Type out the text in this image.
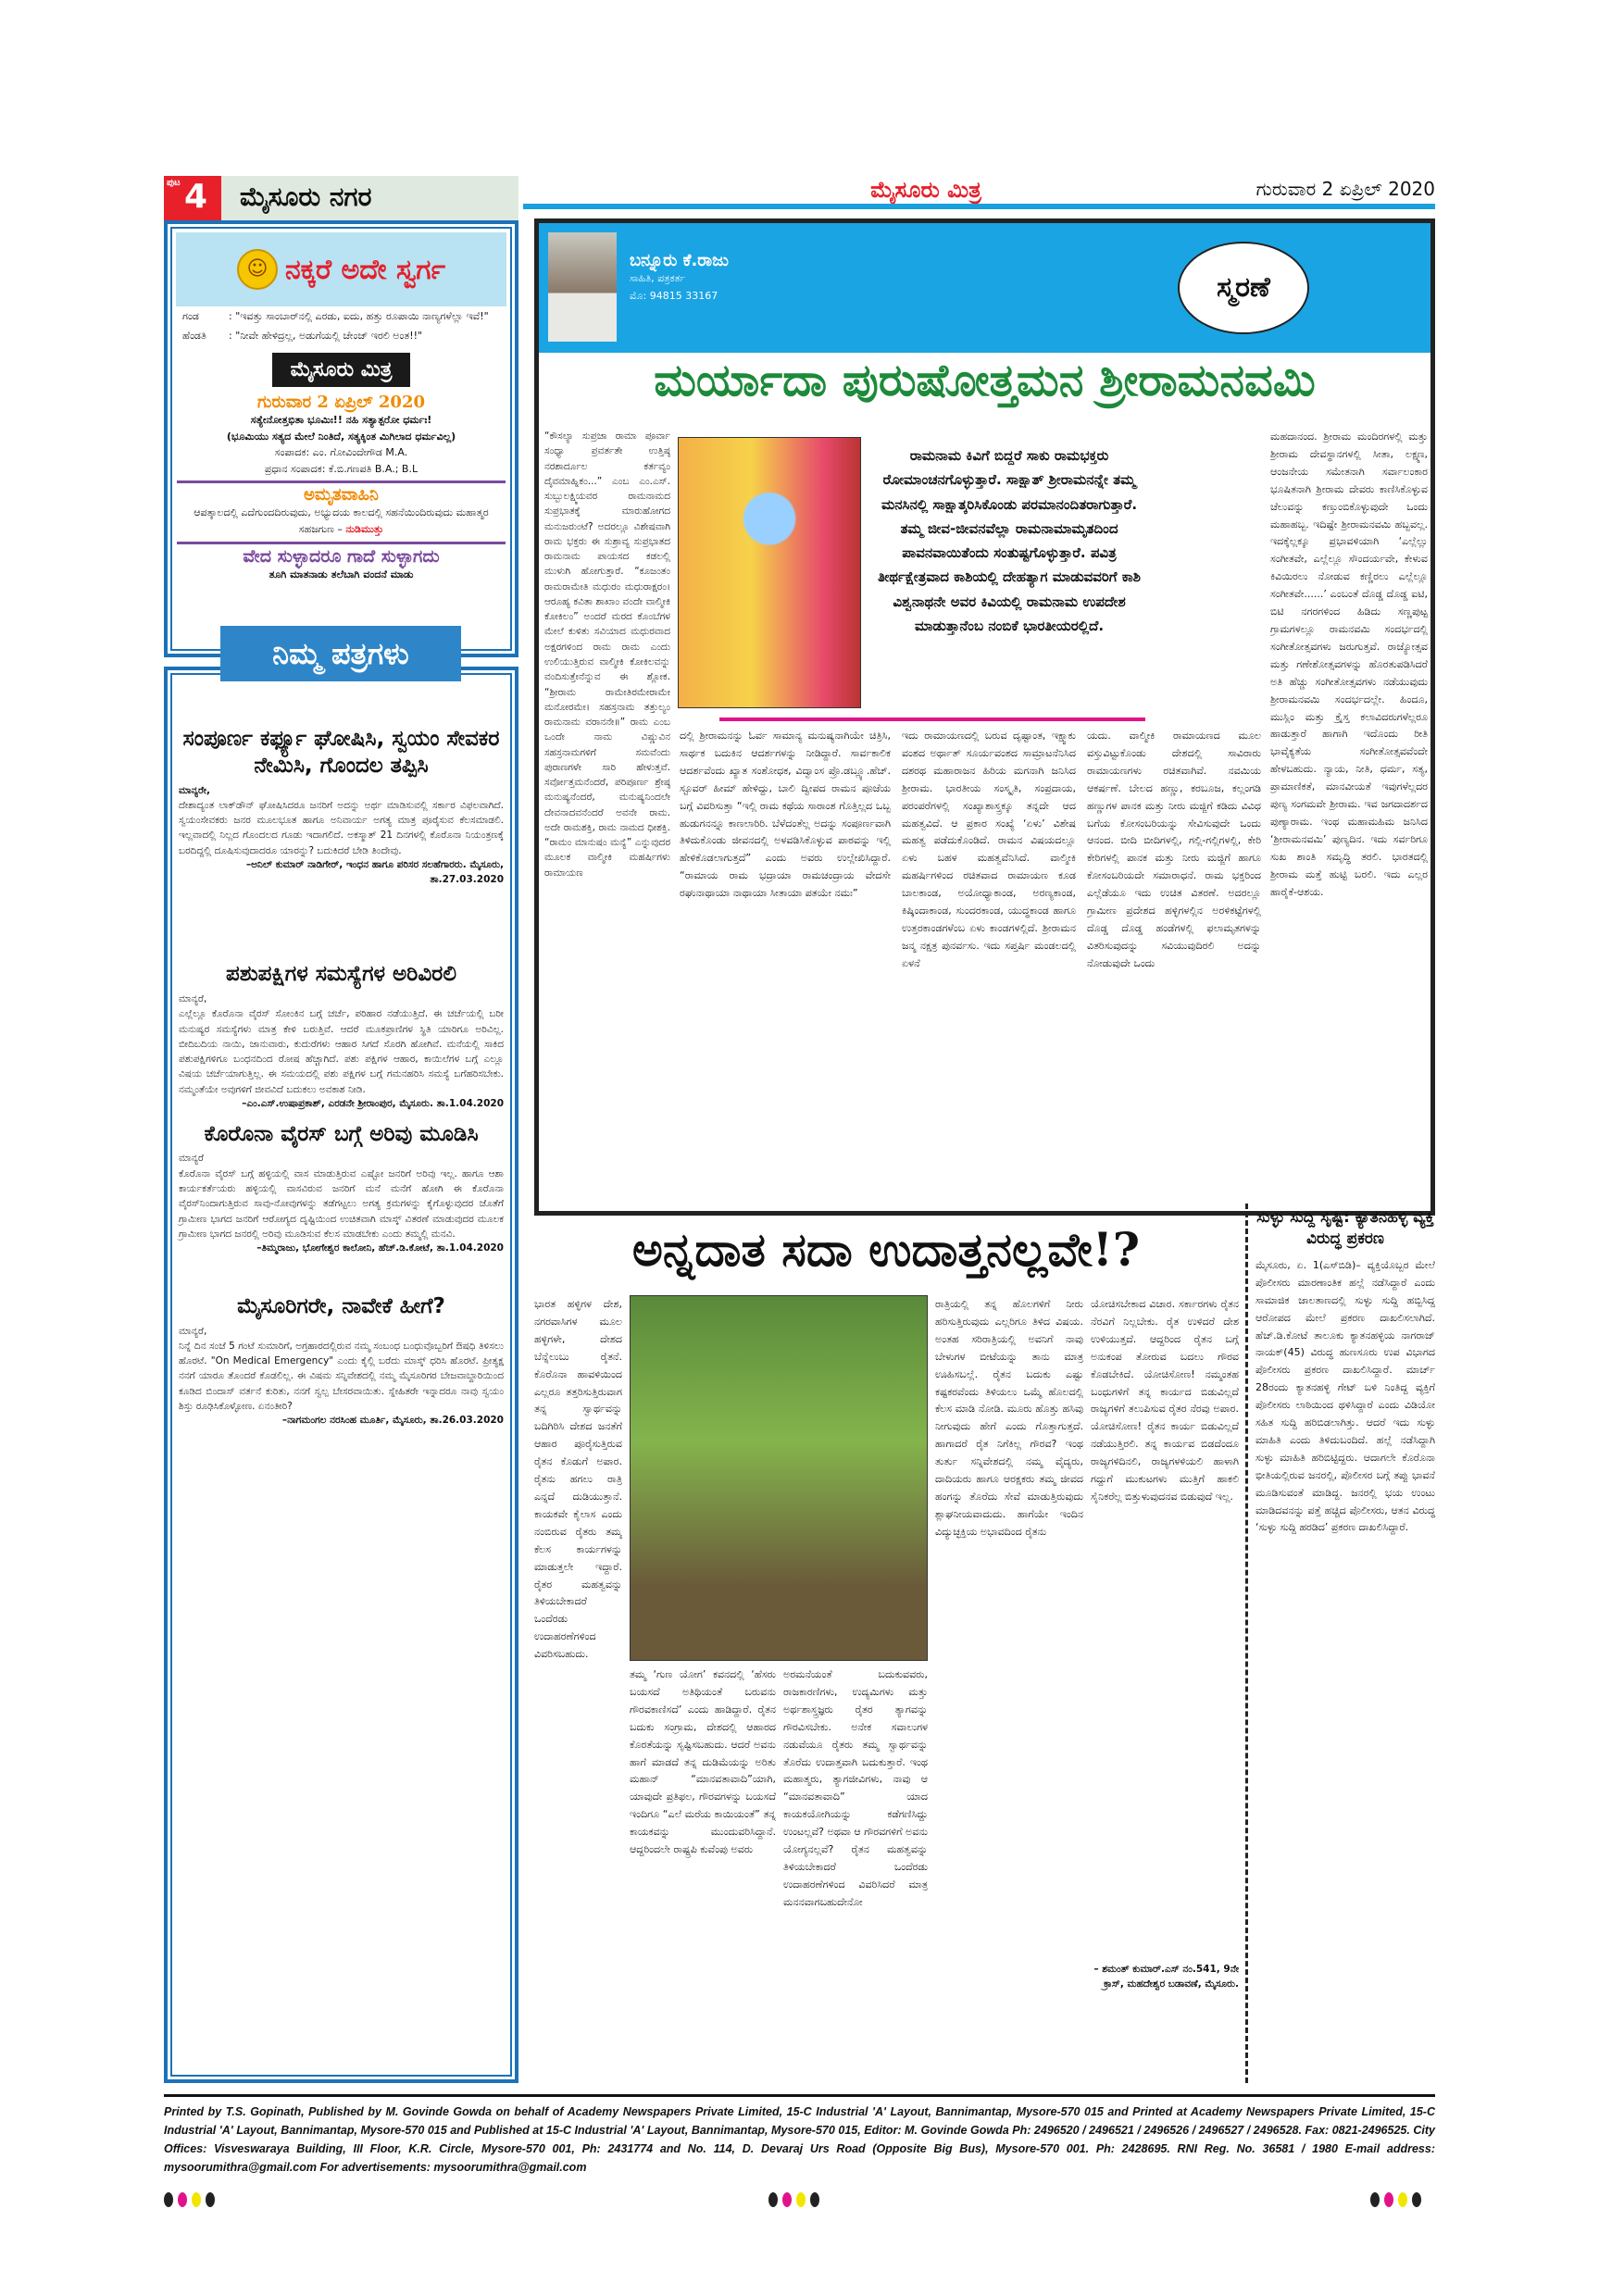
ಪುಟ 4	ಮೈಸೂರು ನಗರ	ಮೈಸೂರು ಮಿತ್ರ	ಗುರುವಾರ 2 ಏಪ್ರಿಲ್ 2020
☺ ನಕ್ಕರೆ ಅದೇ ಸ್ವರ್ಗ
ಗಂಡ	: "ಇವತ್ತು ಸಾಂಬಾರ್‌ನಲ್ಲಿ ಎರಡು, ಐದು, ಹತ್ತು ರೂಪಾಯಿ ನಾಣ್ಯಗಳೆಲ್ಲಾ ಇವೆ!"
ಹೆಂಡತಿ	: "ನೀವೇ ಹೇಳಿದ್ರಲ್ಲ, ಅಡುಗೆಯಲ್ಲಿ ಚೇಂಜ್ ಇರಲಿ ಅಂತ!!"
ಮೈಸೂರು ಮಿತ್ರ
ಗುರುವಾರ 2 ಏಪ್ರಿಲ್ 2020
ಸತ್ಯೇನೋತ್ತಭಿತಾ ಭೂಮಿಃ!! ನಹಿ ಸತ್ಯಾತ್ಪರೋ ಧರ್ಮಃ!
(ಭೂಮಿಯು ಸತ್ಯದ ಮೇಲೆ ನಿಂತಿದೆ, ಸತ್ಯಕ್ಕಿಂತ ಮಿಗಿಲಾದ ಧರ್ಮವಿಲ್ಲ)
ಸಂಪಾದಕ: ಎಂ. ಗೋವಿಂದೇಗೌಡ M.A.
ಪ್ರಧಾನ ಸಂಪಾದಕ: ಕೆ.ಬಿ.ಗಣಪತಿ B.A.; B.L
ಅಮೃತವಾಹಿನಿ
ಆಪತ್ಕಾಲದಲ್ಲಿ ಎದೆಗುಂದದಿರುವುದು, ಅಭ್ಯುದಯ ಕಾಲದಲ್ಲಿ ಸಹನೆಯಿಂದಿರುವುದು ಮಹಾತ್ಮರ ಸಹಜಗುಣ – ನುಡಿಮುತ್ತು
ವೇದ ಸುಳ್ಳಾದರೂ ಗಾದೆ ಸುಳ್ಳಾಗದು
ತೂಗಿ ಮಾತನಾಡು ತಲೆಬಾಗಿ ವಂದನೆ ಮಾಡು
ಸಂಪೂರ್ಣ ಕರ್ಫ್ಯೂ ಘೋಷಿಸಿ, ಸ್ವಯಂ ಸೇವಕರ ನೇಮಿಸಿ, ಗೊಂದಲ ತಪ್ಪಿಸಿ
ಮಾನ್ಯರೇ,

ದೇಶಾದ್ಯಂತ ಲಾಕ್‌ಡೌನ್ ಘೋಷಿಸಿದರೂ ಜನರಿಗೆ ಅದನ್ನು ಅರ್ಥ ಮಾಡಿಸುವಲ್ಲಿ ಸರ್ಕಾರ ವಿಫಲವಾಗಿದೆ. ಸ್ವಯಂಸೇವಕರು ಜನರ ಮೂಲಭೂತ ಹಾಗೂ ಅನಿವಾರ್ಯ ಅಗತ್ಯ ಮಾತ್ರ ಪೂರೈಸುವ ಕೆಲಸಮಾಡಲಿ. ಇಲ್ಲವಾದಲ್ಲಿ ನಿಲ್ಲದ ಗೊಂದಲದ ಗೂಡು ಇದಾಗಲಿದೆ. ಅಕಸ್ಮಾತ್ 21 ದಿನಗಳಲ್ಲಿ ಕೊರೊನಾ ನಿಯಂತ್ರಣಕ್ಕೆ ಬರದಿದ್ದಲ್ಲಿ ದೂಷಿಸುವುದಾದರೂ ಯಾರನ್ನು? ಬದುಕಿದರೆ ಬೇಡಿ ತಿಂದೇವು.

–ಅನಿಲ್ ಕುಮಾರ್ ನಾಡಿಗೇರ್, ಇಂಧನ ಹಾಗೂ ಪರಿಸರ ಸಲಹೆಗಾರರು. ಮೈಸೂರು, ತಾ.27.03.2020
ಪಶುಪಕ್ಷಿಗಳ ಸಮಸ್ಯೆಗಳ ಅರಿವಿರಲಿ
ಮಾನ್ಯರೆ,

ಎಲ್ಲೆಲ್ಲೂ ಕೊರೊನಾ ವೈರಸ್ ಸೋಂಕಿನ ಬಗ್ಗೆ ಚರ್ಚೆ, ಪರಿಹಾರ ನಡೆಯುತ್ತಿದೆ. ಈ ಚರ್ಚೆಯಲ್ಲಿ ಬರೀ ಮನುಷ್ಯರ ಸಮಸ್ಯೆಗಳು ಮಾತ್ರ ಕೇಳಿ ಬರುತ್ತಿವೆ. ಆದರೆ ಮೂಕಪ್ರಾಣಿಗಳ ಸ್ಥಿತಿ ಯಾರಿಗೂ ಅರಿವಿಲ್ಲ. ಬೀದಿಬದಿಯ ನಾಯಿ, ಜಾನುವಾರು, ಕುದುರೆಗಳು ಆಹಾರ ಸಿಗದೆ ಸೊರಗಿ ಹೋಗಿವೆ. ಮನೆಯಲ್ಲಿ ಸಾಕಿದ ಪಶುಪಕ್ಷಿಗಳಿಗೂ ಬಂಧನದಿಂದ ರೋಷ ಹೆಚ್ಚಾಗಿದೆ. ಪಶು ಪಕ್ಷಿಗಳ ಆಹಾರ, ಕಾಯಿಲೆಗಳ ಬಗ್ಗೆ ಎಲ್ಲೂ ವಿಷಯ ಚರ್ಚೆಯಾಗುತ್ತಿಲ್ಲ. ಈ ಸಮಯದಲ್ಲಿ ಪಶು ಪಕ್ಷಿಗಳ ಬಗ್ಗೆ ಗಮನಹರಿಸಿ ಸಮಸ್ಯೆ ಬಗೆಹರಿಸಬೇಕು. ನಮ್ಮಂತೆಯೇ ಅವುಗಳಿಗೆ ಜೀವವಿದೆ ಬದುಕಲು ಅವಕಾಶ ನೀಡಿ.

–ಎಂ.ಎಸ್.ಉಷಾಪ್ರಕಾಶ್, ಎರಡನೇ ಶ್ರೀರಾಂಪುರ, ಮೈಸೂರು. ತಾ.1.04.2020
ಕೊರೊನಾ ವೈರಸ್ ಬಗ್ಗೆ ಅರಿವು ಮೂಡಿಸಿ
ಮಾನ್ಯರೆ

ಕೊರೊನಾ ವೈರಸ್ ಬಗ್ಗೆ ಹಳ್ಳಿಯಲ್ಲಿ ವಾಸ ಮಾಡುತ್ತಿರುವ ಎಷ್ಟೋ ಜನರಿಗೆ ಅರಿವು ಇಲ್ಲ. ಹಾಗೂ ಆಶಾ ಕಾರ್ಯಕರ್ತೆಯರು ಹಳ್ಳಿಯಲ್ಲಿ ವಾಸವಿರುವ ಜನರಿಗೆ ಮನೆ ಮನೆಗೆ ಹೋಗಿ ಈ ಕೊರೊನಾ ವೈರಸ್‌ನಿಂದಾಗುತ್ತಿರುವ ಸಾವು-ನೋವುಗಳನ್ನು ತಡೆಗಟ್ಟಲು ಅಗತ್ಯ ಕ್ರಮಗಳನ್ನು ಕೈಗೊಳ್ಳುವುದರ ಜೊತೆಗೆ ಗ್ರಾಮೀಣ ಭಾಗದ ಜನರಿಗೆ ಆರೋಗ್ಯದ ದೃಷ್ಟಿಯಿಂದ ಉಚಿತವಾಗಿ ಮಾಸ್ಕ್ ವಿತರಣೆ ಮಾಡುವುದರ ಮೂಲಕ ಗ್ರಾಮೀಣ ಭಾಗದ ಜನರಲ್ಲಿ ಅರಿವು ಮೂಡಿಸುವ ಕೆಲಸ ಮಾಡಬೇಕು ಎಂದು ತಮ್ಮಲ್ಲಿ ಮನವಿ.

–ತಿಮ್ಮರಾಜು, ಭೋಗೇಶ್ವರ ಕಾಲೋನಿ, ಹೆಚ್.ಡಿ.ಕೋಟೆ, ತಾ.1.04.2020
ಮೈಸೂರಿಗರೇ, ನಾವೇಕೆ ಹೀಗೆ?
ಮಾನ್ಯರೆ,

ನಿನ್ನೆ ದಿನ ಸಂಜೆ 5 ಗಂಟೆ ಸುಮಾರಿಗೆ, ಅಗ್ರಹಾರದಲ್ಲಿರುವ ನಮ್ಮ ಸಂಬಂಧ ಬಂಧುವೊಬ್ಬರಿಗೆ ಔಷಧಿ ತಿಳಿಸಲು ಹೊರಟೆ. "On Medical Emergency" ಎಂದು ಕೈಲ್ಲಿ ಬರೆದು ಮಾಸ್ಕ್ ಧರಿಸಿ ಹೊರಟೆ. ಪ್ರೀತ್ಯಕ್ಷ ನನಗೆ ಯಾರೂ ತೊಂದರೆ ಕೊಡಲಿಲ್ಲ. ಈ ವಿಷಮ ಸನ್ನಿವೇಶದಲ್ಲಿ ನಮ್ಮ ಮೈಸೂರಿಗರ ಬೇಜವಾಬ್ದಾರಿಯಿಂದ ಕೂಡಿದ ಬಿಂದಾಸ್ ವರ್ತನೆ ಕುರಿತು, ನನಗೆ ಸ್ವಲ್ಪ ಬೇಸರವಾಯಿತು. ಸ್ನೇಹಿತರೇ ಇನ್ನಾದರೂ ನಾವು ಸ್ವಯಂ ಶಿಸ್ತು ರೂಢಿಸಿಕೊಳ್ಳೋಣ. ಏನಂತೀರಿ?

–ನಾಗಮಂಗಲ ನರಸಿಂಹ ಮೂರ್ತಿ, ಮೈಸೂರು, ತಾ.26.03.2020
ನಿಮ್ಮ ಪತ್ರಗಳು
ಬನ್ನೂರು ಕೆ.ರಾಜು
ಸಾಹಿತಿ, ಪತ್ರಕರ್ತ
ಮೊ: 94815 33167	ಸ್ಮರಣೆ
ಮರ್ಯಾದಾ ಪುರುಷೋತ್ತಮನ ಶ್ರೀರಾಮನವಮಿ
“ಕೌಸಲ್ಯಾ ಸುಪ್ರಜಾ ರಾಮಾ ಪೂರ್ವಾ ಸಂಧ್ಯಾ ಪ್ರವರ್ತತೇ ಉತ್ತಿಷ್ಠ ನರಶಾರ್ದೂಲ ಕರ್ತವ್ಯಂ ದೈವಮಾಹ್ನಿಕಂ...” ಎಂಬ ಎಂ.ಎಸ್. ಸುಬ್ಬುಲಕ್ಷ್ಮಿಯವರ ರಾಮನಾಮದ ಸುಪ್ರಭಾತಕ್ಕೆ ಮಾರುಹೋಗದ ಮನುಜರುಂಟೆ? ಅದರಲ್ಲೂ ವಿಶೇಷವಾಗಿ ರಾಮ ಭಕ್ತರು ಈ ಸುಶ್ರಾವ್ಯ ಸುಪ್ರಭಾತದ ರಾಮನಾಮ ಪಾಯಸದ ಕಡಲಲ್ಲಿ ಮುಳುಗಿ ಹೋಗುತ್ತಾರೆ. “ಕೂಜಂತಂ ರಾಮರಾಮೇತಿ ಮಧುರಂ ಮಧುರಾಕ್ಷರಂ। ಆರೂಹ್ಯ ಕವಿತಾ ಶಾಖಾಂ ವಂದೇ ವಾಲ್ಮೀಕಿ ಕೋಕಿಲಂ” ಅಂದರೆ ಮರದ ಕೊಂಬೆಗಳ ಮೇಲೆ ಕುಳಿತು ಸವಿಯಾದ ಮಧುರವಾದ ಅಕ್ಷರಗಳಿಂದ ರಾಮ ರಾಮ ಎಂದು ಉಲಿಯುತ್ತಿರುವ ವಾಲ್ಮೀಕಿ ಕೋಕಿಲವನ್ನು ವಂದಿಸುತ್ತೇನೆನ್ನುವ ಈ ಶ್ಲೋಕ. “ಶ್ರೀರಾಮ ರಾಮೇತಿರಮೇರಾಮೇ ಮನೋರಮೇ। ಸಹಸ್ರನಾಮ ತತ್ತುಲ್ಯಂ ರಾಮನಾಮ ವರಾನನೇ॥” ರಾಮ ಎಂಬ ಒಂದೇ ನಾಮ ವಿಷ್ಣುವಿನ ಸಹಸ್ರನಾಮಗಳಿಗೆ ಸಮವೆಂದು ಪುರಾಣಗಳೇ ಸಾರಿ ಹೇಳುತ್ತವೆ. ಸರ್ವೋತ್ತಮನೆಂದರೆ, ಪರಿಪೂರ್ಣ ಶ್ರೇಷ್ಠ ಮನುಷ್ಯನೆಂದರೆ, ಮನುಷ್ಯನಿಂದಲೇ ದೇವನಾದವನೆಂದರೆ ಅವನೇ ರಾಮ. ಅದೇ ರಾಮಶಕ್ತಿ, ರಾಮ ನಾಮದ ಧೀಶಕ್ತಿ. “ರಾಮಂ ಮಾನುಷಂ ಮನ್ಯೆ” ಎನ್ನುವುದರ ಮೂಲಕ ವಾಲ್ಮೀಕಿ ಮಹರ್ಷಿಗಳು ರಾಮಾಯಣ
ರಾಮನಾಮ ಕಿವಿಗೆ ಬಿದ್ದರೆ ಸಾಕು ರಾಮಭಕ್ತರು ರೋಮಾಂಚನಗೊಳ್ಳುತ್ತಾರೆ. ಸಾಕ್ಷಾತ್ ಶ್ರೀರಾಮನನ್ನೇ ತಮ್ಮ ಮನಸಿನಲ್ಲಿ ಸಾಕ್ಷಾತ್ಕರಿಸಿಕೊಂಡು ಪರಮಾನಂದಿತರಾಗುತ್ತಾರೆ. ತಮ್ಮ ಜೀವ-ಜೀವನವೆಲ್ಲಾ ರಾಮನಾಮಾಮೃತದಿಂದ ಪಾವನವಾಯಿತೆಂದು ಸಂತುಷ್ಟಗೊಳ್ಳುತ್ತಾರೆ. ಪವಿತ್ರ ತೀರ್ಥಕ್ಷೇತ್ರವಾದ ಕಾಶಿಯಲ್ಲಿ ದೇಹತ್ಯಾಗ ಮಾಡುವವರಿಗೆ ಕಾಶಿ ವಿಶ್ವನಾಥನೇ ಅವರ ಕಿವಿಯಲ್ಲಿ ರಾಮನಾಮ ಉಪದೇಶ ಮಾಡುತ್ತಾನೆಂಬ ನಂಬಿಕೆ ಭಾರತೀಯರಲ್ಲಿದೆ.
ದಲ್ಲಿ ಶ್ರೀರಾಮನನ್ನು ಓರ್ವ ಸಾಮಾನ್ಯ ಮನುಷ್ಯನಾಗಿಯೇ ಚಿತ್ರಿಸಿ, ಸಾರ್ಥಕ ಬದುಕಿನ ಆದರ್ಶಗಳನ್ನು ನೀಡಿದ್ದಾರೆ. ಸಾರ್ವಕಾಲಿಕ ಆದರ್ಶವೆಂದು ಖ್ಯಾತ ಸಂಶೋಧಕ, ವಿದ್ವಾಂಸ ಪ್ರೊ.ಡಬ್ಲ್ಯೂ.ಹೆಚ್. ಸ್ಟೂವರ್ ಹೀಮ್ ಹೇಳಿದ್ದು, ಬಾಲಿ ದ್ವೀಪದ ರಾಮನ ಪೂಜೆಯ ಬಗ್ಗೆ ವಿವರಿಸುತ್ತಾ “ಇಲ್ಲಿ ರಾಮ ಕಥೆಯ ಸಾರಾಂಶ ಗೊತ್ತಿಲ್ಲದ ಒಬ್ಬ ಹುಡುಗನನ್ನೂ ಕಾಣಲಾರಿರಿ. ಬೆಳೆದಂತೆಲ್ಲ ಅದನ್ನು ಸಂಪೂರ್ಣವಾಗಿ ತಿಳಿದುಕೊಂಡು ಜೀವನದಲ್ಲಿ ಅಳವಡಿಸಿಕೊಳ್ಳುವ ಪಾಠವನ್ನು ಇಲ್ಲಿ ಹೇಳಿಕೊಡಲಾಗುತ್ತದೆ” ಎಂದು ಅವರು ಉಲ್ಲೇಖಿಸಿದ್ದಾರೆ. “ರಾಮಾಯ ರಾಮ ಭದ್ರಾಯಾ ರಾಮಚಂದ್ರಾಯ ವೇದಸೇ ರಘುನಾಥಾಯಾ ನಾಥಾಯಾ ಸೀತಾಯಾ ಪತಯೇ ನಮಃ”
ಇದು ರಾಮಾಯಣದಲ್ಲಿ ಬರುವ ದೃಷ್ಟಾಂತ, ಇಕ್ಷ್ವಾಕು ವಂಶದ ಅರ್ಥಾತ್ ಸೂರ್ಯವಂಶದ ಸಾಮ್ರಾಟನೆನಿಸಿದ ದಶರಥ ಮಹಾರಾಜನ ಹಿರಿಯ ಮಗನಾಗಿ ಜನಿಸಿದ ಶ್ರೀರಾಮ. ಭಾರತೀಯ ಸಂಸ್ಕೃತಿ, ಸಂಪ್ರದಾಯ, ಪರಂಪರೆಗಳಲ್ಲಿ ಸಂಖ್ಯಾಶಾಸ್ತ್ರಕ್ಕೂ ತನ್ನದೇ ಆದ ಮಹತ್ವವಿದೆ. ಆ ಪ್ರಕಾರ ಸಂಖ್ಯೆ ‘ಏಳು’ ವಿಶೇಷ ಮಹತ್ವ ಪಡೆದುಕೊಂಡಿದೆ. ರಾಮನ ವಿಷಯದಲ್ಲೂ ಏಳು ಬಹಳ ಮಹತ್ವವೆನಿಸಿದೆ. ವಾಲ್ಮೀಕಿ ಮಹರ್ಷಿಗಳಿಂದ ರಚಿತವಾದ ರಾಮಾಯಣ ಕೂಡ ಬಾಲಕಾಂಡ, ಅಯೋಧ್ಯಾಕಾಂಡ, ಅರಣ್ಯಕಾಂಡ, ಕಿಷ್ಕಿಂದಾಕಾಂಡ, ಸುಂದರಕಾಂಡ, ಯುದ್ಧಕಾಂಡ ಹಾಗೂ ಉತ್ತರಕಾಂಡಗಳೆಂಬ ಏಳು ಕಾಂಡಗಳಲ್ಲಿದೆ. ಶ್ರೀರಾಮನ ಜನ್ಮ ನಕ್ಷತ್ರ ಪುನರ್ವಸು. ಇದು ಸಪ್ತರ್ಷಿ ಮಂಡಲದಲ್ಲಿ ಏಳನೆ
ಯದು. ವಾಲ್ಮೀಕಿ ರಾಮಾಯಣದ ಮೂಲ ವಸ್ತುವಿಟ್ಟುಕೊಂಡು ದೇಶದಲ್ಲಿ ಸಾವಿರಾರು ರಾಮಾಯಣಗಳು ರಚಿತವಾಗಿವೆ. ನವಮಿಯ ಆಕರ್ಷಣೆ. ಬೇಲದ ಹಣ್ಣು, ಕರಬೂಜ, ಕಲ್ಲಂಗಡಿ ಹಣ್ಣುಗಳ ಪಾನಕ ಮತ್ತು ನೀರು ಮಜ್ಜಿಗೆ ಕಡಿದು ವಿವಿಧ ಬಗೆಯ ಕೋಸಂಬರಿಯನ್ನು ಸೇವಿಸುವುದೇ ಒಂದು ಆನಂದ. ಬೀದಿ ಬೀದಿಗಳಲ್ಲಿ, ಗಲ್ಲಿ-ಗಲ್ಲಿಗಳಲ್ಲಿ, ಕೇರಿ ಕೇರಿಗಳಲ್ಲಿ ಪಾನಕ ಮತ್ತು ನೀರು ಮಜ್ಜಿಗೆ ಹಾಗೂ ಕೋಸಂಬರಿಯದೇ ಸಮಾರಾಧನೆ. ರಾಮ ಭಕ್ತರಿಂದ ಎಲ್ಲೆಡೆಯೂ ಇದು ಉಚಿತ ವಿತರಣೆ. ಅದರಲ್ಲೂ ಗ್ರಾಮೀಣ ಪ್ರದೇಶದ ಹಳ್ಳಿಗಳಲ್ಲಿನ ಅರಳಿಕಟ್ಟೆಗಳಲ್ಲಿ ದೊಡ್ಡ ದೊಡ್ಡ ಹಂಡೆಗಳಲ್ಲಿ ಫಲಾಮೃತಗಳನ್ನು ವಿತರಿಸುವುದನ್ನು ಸವಿಯುವುದಿರಲಿ ಅದನ್ನು ನೋಡುವುದೇ ಒಂದು
ಮಹದಾನಂದ. ಶ್ರೀರಾಮ ಮಂದಿರಗಳಲ್ಲಿ ಮತ್ತು ಶ್ರೀರಾಮ ದೇವಸ್ಥಾನಗಳಲ್ಲಿ ಸೀತಾ, ಲಕ್ಷ್ಮಣ, ಆಂಜನೇಯ ಸಮೇತನಾಗಿ ಸರ್ವಾಲಂಕಾರ ಭೂಷಿತನಾಗಿ ಶ್ರೀರಾಮ ದೇವರು ಕಾಣಿಸಿಕೊಳ್ಳುವ ಚೆಲುವನ್ನು ಕಣ್ತುಂಬಿಕೊಳ್ಳುವುದೇ ಒಂದು ಮಹಾಹಬ್ಬ. ಇದಿಷ್ಟೇ ಶ್ರೀರಾಮನವಮಿ ಹಬ್ಬವಲ್ಲ. ಇದಕ್ಕೆಲ್ಲಕ್ಕೂ ಪ್ರಭಾವಳಿಯಾಗಿ ‘ಎಲ್ಲೆಲ್ಲು ಸಂಗೀತವೇ, ಎಲ್ಲೆಲ್ಲೂ ಸೌಂದರ್ಯವೇ, ಕೇಳುವ ಕಿವಿಯಿರಲು ನೋಡುವ ಕಣ್ಣಿರಲು ಎಲ್ಲೆಲ್ಲೂ ಸಂಗೀತವೇ......’ ಎಂಬಂತೆ ದೊಡ್ಡ ದೊಡ್ಡ ಐಟಿ, ಬಿಟಿ ನಗರಗಳಿಂದ ಹಿಡಿದು ಸಣ್ಣಪುಟ್ಟ ಗ್ರಾಮಗಳಲ್ಲೂ ರಾಮನವಮಿ ಸಂದರ್ಭದಲ್ಲಿ ಸಂಗೀತೋತ್ಸವಗಳು ಜರುಗುತ್ತವೆ. ರಾಜ್ಯೋತ್ಸವ ಮತ್ತು ಗಣೇಶೋತ್ಸವಗಳನ್ನು ಹೊರತುಪಡಿಸಿದರೆ ಅತಿ ಹೆಚ್ಚು ಸಂಗೀತೋತ್ಸವಗಳು ನಡೆಯುವುದು ಶ್ರೀರಾಮನವಮಿ ಸಂದರ್ಭದಲ್ಲೇ. ಹಿಂದೂ, ಮುಸ್ಲಿಂ ಮತ್ತು ಕ್ರೈಸ್ತ ಕಲಾವಿದರುಗಳೆಲ್ಲರೂ ಹಾಡುತ್ತಾರೆ ಹಾಗಾಗಿ ಇದೊಂದು ರೀತಿ ಭಾವೈಕ್ಯತೆಯ ಸಂಗೀತೋತ್ಸವವೆಂದೇ ಹೇಳಬಹುದು. ನ್ಯಾಯ, ನೀತಿ, ಧರ್ಮ, ಸತ್ಯ, ಪ್ರಾಮಾಣಿಕತೆ, ಮಾನವೀಯತೆ ಇವುಗಳೆಲ್ಲದರ ಪುಣ್ಯ ಸಂಗಮವೇ ಶ್ರೀರಾಮ. ಇವ ಜಗದಾದರ್ಶದ ಪುಣ್ಯಾರಾಮ. ಇಂಥ ಮಹಾಮಹಿಮ ಜನಿಸಿದ ‘ಶ್ರೀರಾಮನವಮಿ’ ಪುಣ್ಯದಿನ. ಇದು ಸರ್ವರಿಗೂ ಸುಖ ಶಾಂತಿ ಸಮೃದ್ಧಿ ತರಲಿ. ಭಾರತದಲ್ಲಿ ಶ್ರೀರಾಮ ಮತ್ತೆ ಹುಟ್ಟಿ ಬರಲಿ. ಇದು ಎಲ್ಲರ ಹಾರೈಕೆ-ಆಶಯ.
ಅನ್ನದಾತ ಸದಾ ಉದಾತ್ತನಲ್ಲವೇ!?
ಭಾರತ ಹಳ್ಳಿಗಳ ದೇಶ, ನಗರವಾಸಿಗಳ ಮೂಲ ಹಳ್ಳಿಗಳೇ, ದೇಶದ ಬೆನ್ನೆಲುಬು ರೈತನೆ. ಕೊರೊನಾ ಹಾವಳಿಯಿಂದ ಎಲ್ಲರೂ ತತ್ತರಿಸುತ್ತಿರುವಾಗ ತನ್ನ ಸ್ವಾರ್ಥವನ್ನು ಬದಿಗಿರಿಸಿ ದೇಶದ ಜನತೆಗೆ ಆಹಾರ ಪೂರೈಸುತ್ತಿರುವ ರೈತನ ಕೊಡುಗೆ ಅಪಾರ. ರೈತನು ಹಗಲು ರಾತ್ರಿ ಎನ್ನದೆ ದುಡಿಯುತ್ತಾನೆ. ಕಾಯಕವೇ ಕೈಲಾಸ ಎಂದು ನಂಬಿರುವ ರೈತರು ತಮ್ಮ ಕೆಲಸ ಕಾರ್ಯಗಳನ್ನು ಮಾಡುತ್ತಲೇ ಇದ್ದಾರೆ. ರೈತರ ಮಹತ್ವವನ್ನು ತಿಳಿಯಬೇಕಾದರೆ ಒಂದೆರಡು ಉದಾಹರಣೆಗಳಿಂದ ವಿವರಿಸಬಹುದು.
ತಮ್ಮ ‘ಗುಣ ಯೋಗ’ ಕವನದಲ್ಲಿ ‘ಹೆಸರು ಬಯಸದೆ ಅತಿಥಿಯಂತೆ ಬರುವನು ಗೌರವಕಾಣಿಸದೆ’ ಎಂದು ಹಾಡಿದ್ದಾರೆ. ರೈತನ ಬದುಕು ಸಂಗ್ರಾಮ, ದೇಶದಲ್ಲಿ ಆಹಾರದ ಕೊರತೆಯನ್ನು ಸೃಷ್ಟಿಸಬಹುದು. ಆದರೆ ಅವನು ಹಾಗೆ ಮಾಡದೆ ತನ್ನ ದುಡಿಮೆಯನ್ನು ಅರಿತು ಮಹಾನ್ “ಮಾನವತಾವಾದಿ”ಯಾಗಿ, ಯಾವುದೇ ಪ್ರತಿಫಲ, ಗೌರವಗಳನ್ನು ಬಯಸದೆ ಇಂದಿಗೂ “ಎಲೆ ಮರೆಯ ಕಾಯಿಯಂತೆ” ತನ್ನ ಕಾಯಕವನ್ನು ಮುಂದುವರಿಸಿದ್ದಾನೆ. ಆದ್ದರಿಂದಲೇ ರಾಷ್ಟ್ರಪಿ ಕುವೆಂಪು ಅವರು
ಅರಮನೆಯಂತೆ ಬದುಕುವವರು, ರಾಜಕಾರಣಿಗಳು, ಉದ್ಯಮಿಗಳು ಮತ್ತು ಅರ್ಥಶಾಸ್ತ್ರಜ್ಞರು ರೈತರ ತ್ಯಾಗವನ್ನು ಗೌರವಿಸಬೇಕು. ಅನೇಕ ಸವಾಲುಗಳ ನಡುವೆಯೂ ರೈತರು ತಮ್ಮ ಸ್ವಾರ್ಥವನ್ನು ತೊರೆದು ಉದಾತ್ತವಾಗಿ ಬದುಕುತ್ತಾರೆ. ಇಂಥ ಮಹಾತ್ಮರು, ತ್ಯಾಗಜೀವಿಗಳು, ನಾವು ಆ “ಮಾನವತಾವಾದಿ” ಯಾದ ಕಾಯಕಯೋಗಿಯನ್ನು ಕಡೆಗಣಿಸಿದ್ದು ಉಂಟಲ್ಲವೆ? ಅಥವಾ ಆ ಗೌರವಗಳಿಗೆ ಅವನು ಯೋಗ್ಯನಲ್ಲವೆ? ರೈತನ ಮಹತ್ವವನ್ನು ತಿಳಿಯಬೇಕಾದರೆ ಒಂದೆರಡು ಉದಾಹರಣೆಗಳಿಂದ ವಿವರಿಸಿದರೆ ಮಾತ್ರ ಮನನವಾಗಬಹುದೇನೋ
ರಾತ್ರಿಯಲ್ಲಿ ತನ್ನ ಹೊಲಗಳಿಗೆ ನೀರು ಹರಿಸುತ್ತಿರುವುದು ಎಲ್ಲರಿಗೂ ತಿಳಿದ ವಿಷಯ. ಅಂತಹ ಸರಿರಾತ್ರಿಯಲ್ಲಿ ಅವನಿಗೆ ನಾವು ಬೇಳುಗಳ ಬೀಟೆಯನ್ನು ತಾನು ಮಾತ್ರ ಊಹಿಸಬಲ್ಲೆ. ರೈತನ ಬದುಕು ಎಷ್ಟು ಕಷ್ಟಕರವೆಂದು ತಿಳಿಯಲು ಒಮ್ಮೆ ಹೊಲದಲ್ಲಿ ಕೆಲಸ ಮಾಡಿ ನೋಡಿ. ಮೂರು ಹೊತ್ತು ಹಸಿವು ನೀಗುವುದು ಹೇಗೆ ಎಂದು ಗೊತ್ತಾಗುತ್ತದೆ. ಹಾಗಾದರೆ ರೈತ ನಿಗೆಕಿಲ್ಲ ಗೌರವ? ಇಂಥ ತುರ್ತು ಸನ್ನಿವೇಶದಲ್ಲಿ ನಮ್ಮ ವೈದ್ಯರು, ದಾದಿಯರು ಹಾಗೂ ಆರಕ್ಷಕರು ತಮ್ಮ ಜೀವದ ಹಂಗನ್ನು ತೊರೆದು ಸೇವೆ ಮಾಡುತ್ತಿರುವುದು ಶ್ಲಾಘನೀಯವಾದುದು. ಹಾಗೆಯೇ ಇಂದಿನ ವಿದ್ಯುಚ್ಛಕ್ತಿಯ ಅಭಾವದಿಂದ ರೈತನು
ಯೋಚಿಸಬೇಕಾದ ವಿಚಾರ. ಸರ್ಕಾರಗಳು ರೈತನ ನೆರವಿಗೆ ನಿಲ್ಲಬೇಕು. ರೈತ ಉಳಿದರೆ ದೇಶ ಉಳಿಯುತ್ತದೆ. ಆದ್ದರಿಂದ ರೈತನ ಬಗ್ಗೆ ಅನುಕಂಪ ತೋರುವ ಬದಲು ಗೌರವ ಕೊಡಬೇಕಿದೆ. ಯೋಚಿಸೋಣ! ನಮ್ಮಂತಹ ಬಂಧುಗಳಿಗೆ ತನ್ನ ಕಾರ್ಯದ ಬಿಡುವಿಲ್ಲದೆ ರಾಜ್ಯಗಳಿಗೆ ತಲುಪಿಸುವ ರೈತರ ನೆರವು ಅಪಾರ. ಯೋಚಿಸೋಣ! ರೈತನ ಕಾರ್ಯ ಬಿಡುವಿಲ್ಲದೆ ನಡೆಯುತ್ತಿರಲಿ. ತನ್ನ ಕಾರ್ಯವ ಬಿಡದೆಂದೂ ರಾಜ್ಯಗಳಿದಿನಲಿ, ರಾಜ್ಯಗಳಳಿಯಲಿ ಹಾಳಾಗಿ ಗದ್ದುಗೆ ಮುಕುಟಗಳು ಮುತ್ತಿಗೆ ಹಾಕಲಿ ಸೈನಿಕರೆಲ್ಲ ಬಿತ್ತುಳುವುದನವ ಬಿಡುವುದೆ ಇಲ್ಲ.
– ಶಮಂತ್ ಕುಮಾರ್.ಎಸ್ ನಂ.541, 9ನೇ ಕ್ರಾಸ್, ಮಹದೇಶ್ವರ ಬಡಾವಣೆ, ಮೈಸೂರು.
ಸುಳ್ಳು ಸುದ್ದಿ ಸೃಷ್ಟಿ: ಕ್ಯಾತನಹಳ್ಳಿ ವ್ಯಕ್ತಿ ವಿರುದ್ಧ ಪ್ರಕರಣ

ಮೈಸೂರು, ಏ. 1(ಎಸ್‌ಬಿಡಿ)– ವ್ಯಕ್ತಿಯೊಬ್ಬರ ಮೇಲೆ ಪೊಲೀಸರು ಮಾರಣಾಂತಿಕ ಹಲ್ಲೆ ನಡೆಸಿದ್ದಾರೆ ಎಂದು ಸಾಮಾಜಿಕ ಜಾಲತಾಣದಲ್ಲಿ ಸುಳ್ಳು ಸುದ್ದಿ ಹಬ್ಬಿಸಿದ್ದ ಆರೋಪದ ಮೇಲೆ ಪ್ರಕರಣ ದಾಖಲಿಸಲಾಗಿದೆ. ಹೆಚ್.ಡಿ.ಕೋಟೆ ತಾಲೂಕು ಕ್ಯಾತನಹಳ್ಳಿಯ ನಾಗರಾಜ್ ನಾಯಕ್(45) ವಿರುದ್ಧ ಹುಣಸೂರು ಉಪ ವಿಭಾಗದ ಪೊಲೀಸರು ಪ್ರಕರಣ ದಾಖಲಿಸಿದ್ದಾರೆ. ಮಾರ್ಚ್ 28ರಂದು ಕ್ಯಾತನಹಳ್ಳಿ ಗೇಟ್ ಬಳಿ ನಿಂತಿದ್ದ ವ್ಯಕ್ತಿಗೆ ಪೊಲೀಸರು ಲಾಠಿಯಿಂದ ಥಳಿಸಿದ್ದಾರೆ ಎಂದು ವಿಡಿಯೋ ಸಹಿತ ಸುದ್ದಿ ಹರಿಬಿಡಲಾಗಿತ್ತು. ಆದರೆ ಇದು ಸುಳ್ಳು ಮಾಹಿತಿ ಎಂದು ತಿಳಿದುಬಂದಿದೆ. ಹಲ್ಲೆ ನಡೆಸಿದ್ದಾಗಿ ಸುಳ್ಳು ಮಾಹಿತಿ ಹರಿಬಿಟ್ಟಿದ್ದರು. ಆದಾಗಲೇ ಕೊರೊನಾ ಭೀತಿಯಲ್ಲಿರುವ ಜನರಲ್ಲಿ, ಪೊಲೀಸರ ಬಗ್ಗೆ ತಪ್ಪು ಭಾವನೆ ಮೂಡಿಸುವಂತೆ ಮಾಡಿದ್ದ. ಜನರಲ್ಲಿ ಭಯ ಉಂಟು ಮಾಡಿದವನನ್ನು ಪತ್ತೆ ಹಚ್ಚಿದ ಪೊಲೀಸರು, ಆತನ ವಿರುದ್ಧ ‘ಸುಳ್ಳು ಸುದ್ದಿ ಹರಡಿದ’ ಪ್ರಕರಣ ದಾಖಲಿಸಿದ್ದಾರೆ.

Printed by T.S. Gopinath, Published by M. Govinde Gowda on behalf of Academy Newspapers Private Limited, 15-C Industrial 'A' Layout, Bannimantap, Mysore-570 015 and Printed at Academy Newspapers Private Limited, 15-C Industrial 'A' Layout, Bannimantap, Mysore-570 015 and Published at 15-C Industrial 'A' Layout, Bannimantap, Mysore-570 015, Editor: M. Govinde Gowda Ph: 2496520 / 2496521 / 2496526 / 2496527 / 2496528. Fax: 0821-2496525. City Offices: Visveswaraya Building, III Floor, K.R. Circle, Mysore-570 001, Ph: 2431774 and No. 114, D. Devaraj Urs Road (Opposite Big Bus), Mysore-570 001. Ph: 2428695. RNI Reg. No. 36581 / 1980 E-mail address: mysoorumithra@gmail.com For advertisements: mysoorumithra@gmail.com
